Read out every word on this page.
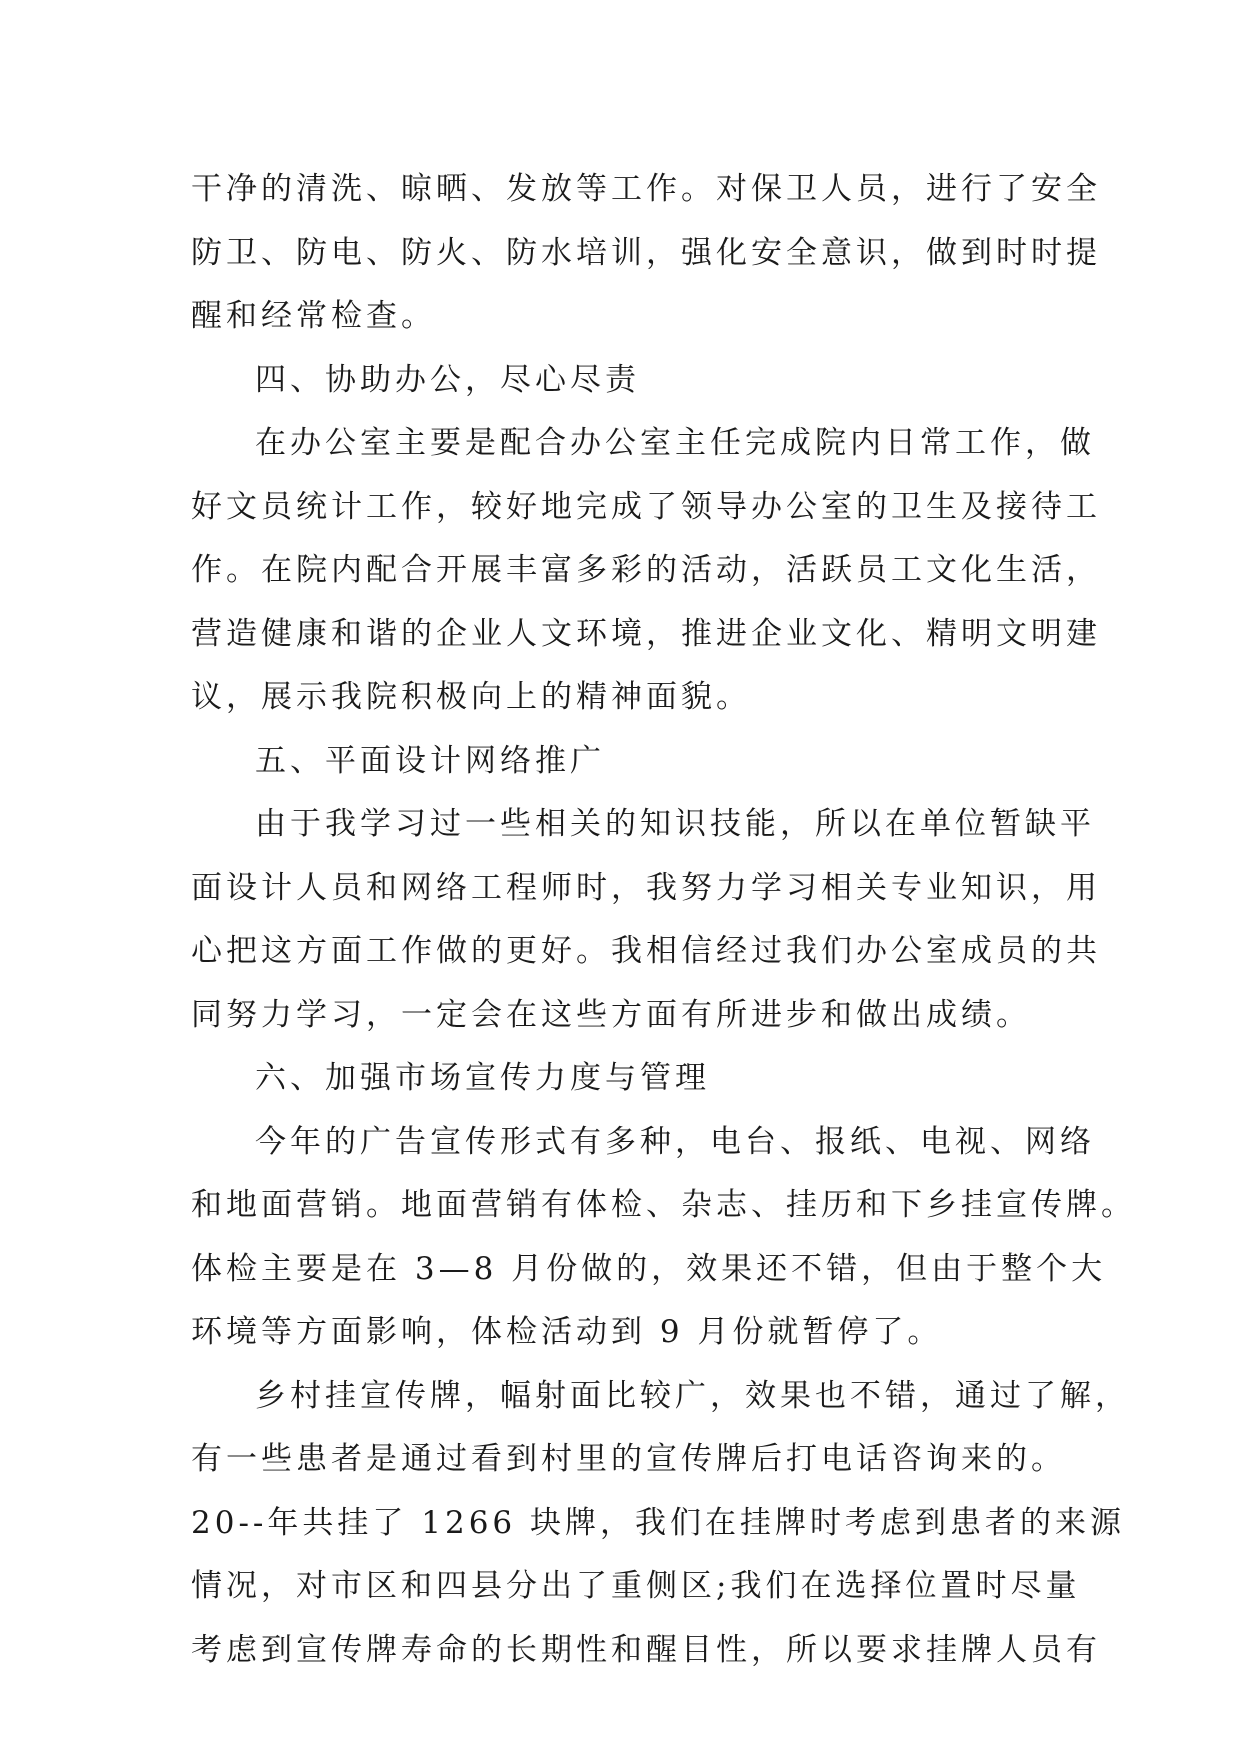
干净的清洗、晾晒、发放等工作。对保卫人员，进行了安全
防卫、防电、防火、防水培训，强化安全意识，做到时时提
醒和经常检查。
四、协助办公，尽心尽责
在办公室主要是配合办公室主任完成院内日常工作，做
好文员统计工作，较好地完成了领导办公室的卫生及接待工
作。在院内配合开展丰富多彩的活动，活跃员工文化生活，
营造健康和谐的企业人文环境，推进企业文化、精明文明建
议，展示我院积极向上的精神面貌。
五、平面设计网络推广
由于我学习过一些相关的知识技能，所以在单位暂缺平
面设计人员和网络工程师时，我努力学习相关专业知识，用
心把这方面工作做的更好。我相信经过我们办公室成员的共
同努力学习，一定会在这些方面有所进步和做出成绩。
六、加强市场宣传力度与管理
今年的广告宣传形式有多种，电台、报纸、电视、网络
和地面营销。地面营销有体检、杂志、挂历和下乡挂宣传牌。
体检主要是在 3—8 月份做的，效果还不错，但由于整个大
环境等方面影响，体检活动到 9 月份就暂停了。
乡村挂宣传牌，幅射面比较广，效果也不错，通过了解，
有一些患者是通过看到村里的宣传牌后打电话咨询来的。
20--年共挂了 1266 块牌，我们在挂牌时考虑到患者的来源
情况，对市区和四县分出了重侧区;我们在选择位置时尽量
考虑到宣传牌寿命的长期性和醒目性，所以要求挂牌人员有
